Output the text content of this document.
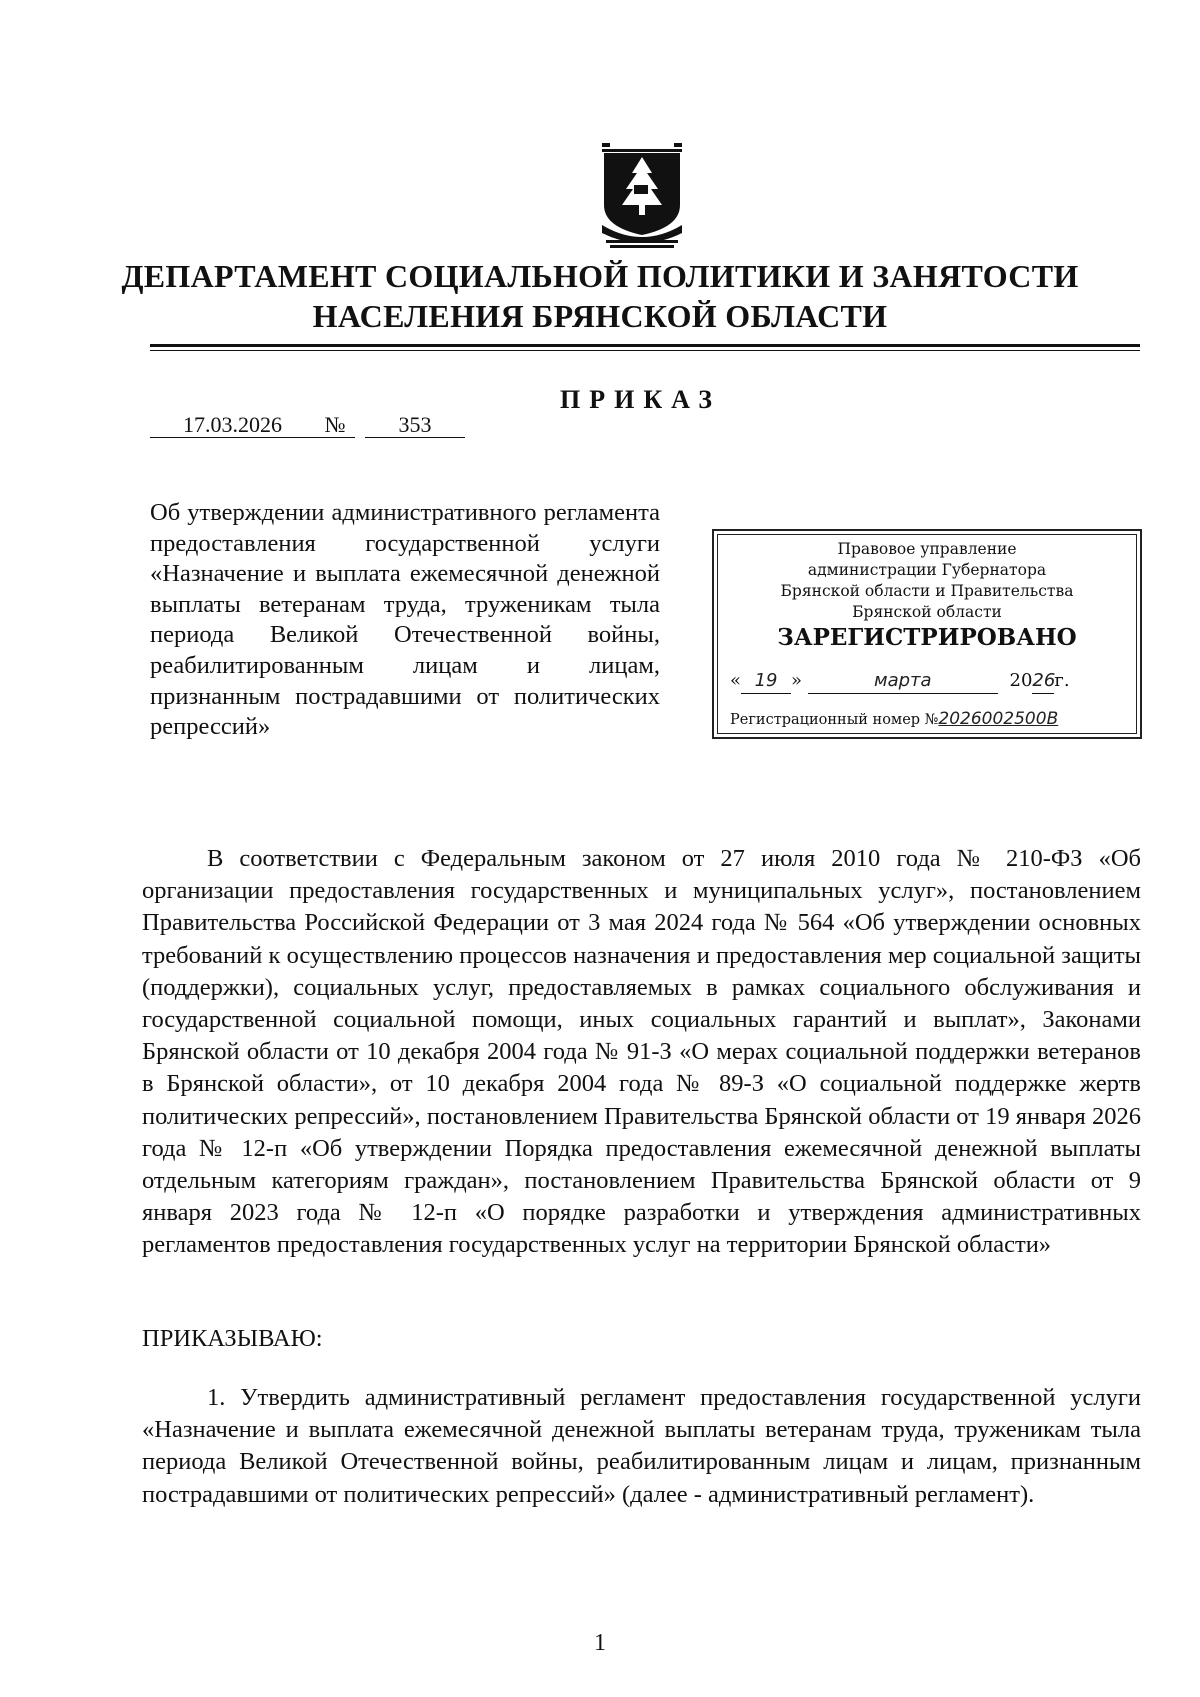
ДЕПАРТАМЕНТ СОЦИАЛЬНОЙ ПОЛИТИКИ И ЗАНЯТОСТИ
НАСЕЛЕНИЯ БРЯНСКОЙ ОБЛАСТИ
ПРИКАЗ
17.03.2026 № 353
Об утверждении административного регламента предоставления государственной услуги «Назначение и выплата ежемесячной денежной выплаты ветеранам труда, труженикам тыла периода Великой Отечественной войны, реабилитированным лицам и лицам, признанным пострадавшими от политических репрессий»
Правовое управление
администрации Губернатора
Брянской области и Правительства
Брянской области
ЗАРЕГИСТРИРОВАНО
« 19 »	марта	2026г.
Регистрационный номер №2026002500В
В соответствии с Федеральным законом от 27 июля 2010 года № 210-ФЗ «Об организации предоставления государственных и муниципальных услуг», постановлением Правительства Российской Федерации от 3 мая 2024 года № 564 «Об утверждении основных требований к осуществлению процессов назначения и предоставления мер социальной защиты (поддержки), социальных услуг, предоставляемых в рамках социального обслуживания и государственной социальной помощи, иных социальных гарантий и выплат», Законами Брянской области от 10 декабря 2004 года № 91-З «О мерах социальной поддержки ветеранов в Брянской области», от 10 декабря 2004 года № 89-З «О социальной поддержке жертв политических репрессий», постановлением Правительства Брянской области от 19 января 2026 года № 12-п «Об утверждении Порядка предоставления ежемесячной денежной выплаты отдельным категориям граждан», постановлением Правительства Брянской области от 9 января 2023 года № 12-п «О порядке разработки и утверждения административных регламентов предоставления государственных услуг на территории Брянской области»
ПРИКАЗЫВАЮ:
1. Утвердить административный регламент предоставления государственной услуги «Назначение и выплата ежемесячной денежной выплаты ветеранам труда, труженикам тыла периода Великой Отечественной войны, реабилитированным лицам и лицам, признанным пострадавшими от политических репрессий» (далее - административный регламент).
1
